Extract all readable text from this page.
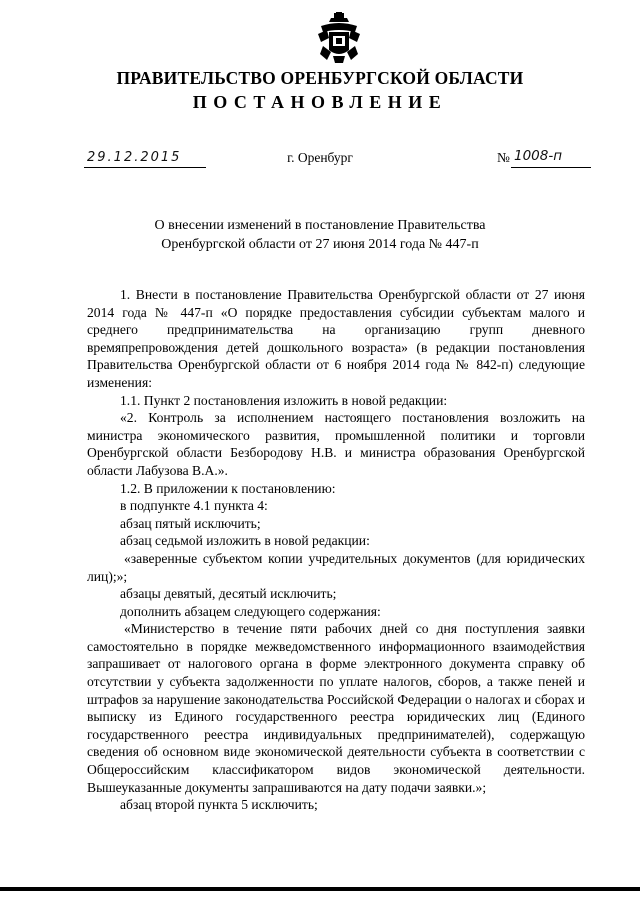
ПРАВИТЕЛЬСТВО ОРЕНБУРГСКОЙ ОБЛАСТИ
ПОСТАНОВЛЕНИЕ
29.12.2015	г. Оренбург	№ 1008-п
О внесении изменений в постановление Правительства
Оренбургской области от 27 июня 2014 года № 447-п

1. Внести в постановление Правительства Оренбургской области от 27 июня 2014 года № 447-п «О порядке предоставления субсидии субъектам малого и среднего предпринимательства на организацию групп дневного времяпрепровождения детей дошкольного возраста» (в редакции постановления Правительства Оренбургской области от 6 ноября 2014 года № 842-п) следующие изменения:

1.1. Пункт 2 постановления изложить в новой редакции:

«2. Контроль за исполнением настоящего постановления возложить на министра экономического развития, промышленной политики и торговли Оренбургской области Безбородову Н.В. и министра образования Оренбургской области Лабузова В.А.».

1.2. В приложении к постановлению:

в подпункте 4.1 пункта 4:

абзац пятый исключить;

абзац седьмой изложить в новой редакции:

«заверенные субъектом копии учредительных документов (для юридических лиц);»;

абзацы девятый, десятый исключить;

дополнить абзацем следующего содержания:

«Министерство в течение пяти рабочих дней со дня поступления заявки самостоятельно в порядке межведомственного информационного взаимодействия запрашивает от налогового органа в форме электронного документа справку об отсутствии у субъекта задолженности по уплате налогов, сборов, а также пеней и штрафов за нарушение законодательства Российской Федерации о налогах и сборах и выписку из Единого государственного реестра юридических лиц (Единого государственного реестра индивидуальных предпринимателей), содержащую сведения об основном виде экономической деятельности субъекта в соответствии с Общероссийским классификатором видов экономической деятельности. Вышеуказанные документы запрашиваются на дату подачи заявки.»;

абзац второй пункта 5 исключить;
